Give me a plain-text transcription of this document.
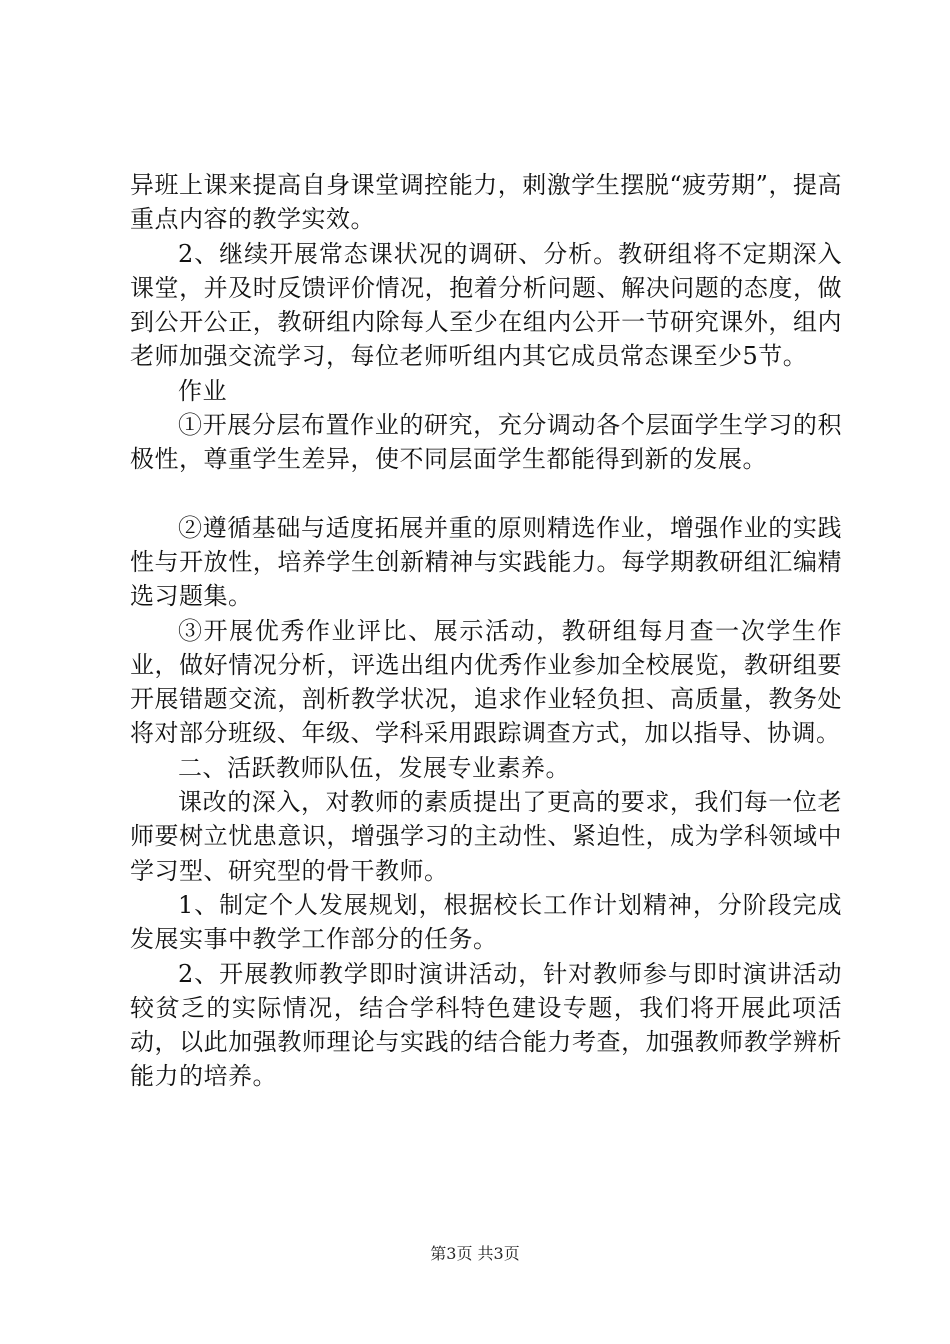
异班上课来提高自身课堂调控能力，刺激学生摆脱“疲劳期”，提高重点内容的教学实效。

2、继续开展常态课状况的调研、分析。教研组将不定期深入课堂，并及时反馈评价情况，抱着分析问题、解决问题的态度，做到公开公正，教研组内除每人至少在组内公开一节研究课外，组内老师加强交流学习，每位老师听组内其它成员常态课至少5节。

作业

①开展分层布置作业的研究，充分调动各个层面学生学习的积极性，尊重学生差异，使不同层面学生都能得到新的发展。

②遵循基础与适度拓展并重的原则精选作业，增强作业的实践性与开放性，培养学生创新精神与实践能力。每学期教研组汇编精选习题集。

③开展优秀作业评比、展示活动，教研组每月查一次学生作业，做好情况分析，评选出组内优秀作业参加全校展览，教研组要开展错题交流，剖析教学状况，追求作业轻负担、高质量，教务处将对部分班级、年级、学科采用跟踪调查方式，加以指导、协调。

二、活跃教师队伍，发展专业素养。

课改的深入，对教师的素质提出了更高的要求，我们每一位老师要树立忧患意识，增强学习的主动性、紧迫性，成为学科领域中学习型、研究型的骨干教师。

1、制定个人发展规划，根据校长工作计划精神，分阶段完成发展实事中教学工作部分的任务。

2、开展教师教学即时演讲活动，针对教师参与即时演讲活动较贫乏的实际情况，结合学科特色建设专题，我们将开展此项活动，以此加强教师理论与实践的结合能力考查，加强教师教学辨析能力的培养。

第3页 共3页
